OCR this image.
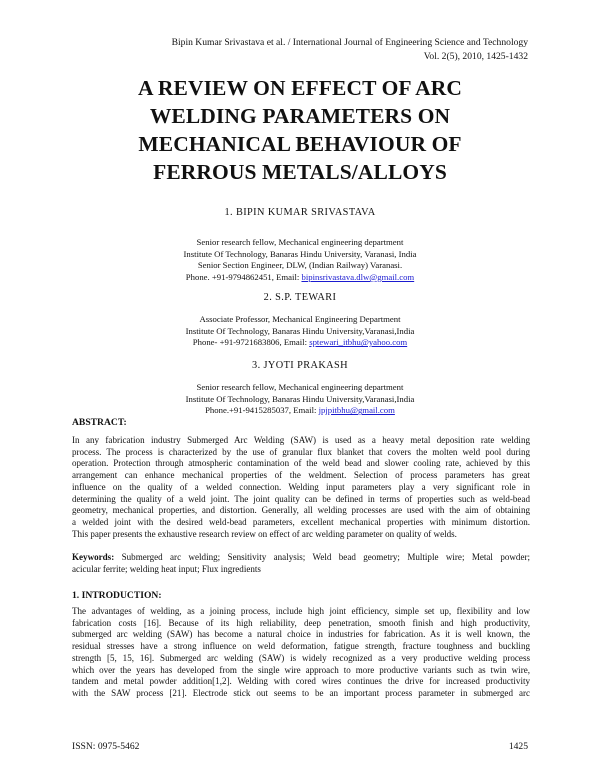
Bipin Kumar Srivastava et al. / International Journal of Engineering Science and Technology
Vol. 2(5), 2010, 1425-1432
A REVIEW ON EFFECT OF ARC
WELDING PARAMETERS ON
MECHANICAL BEHAVIOUR OF
FERROUS METALS/ALLOYS
1. BIPIN KUMAR SRIVASTAVA
Senior research fellow, Mechanical engineering department
Institute Of Technology, Banaras Hindu University, Varanasi, India
Senior Section Engineer, DLW, (Indian Railway) Varanasi.
Phone. +91-9794862451, Email: bipinsrivastava.dlw@gmail.com
2. S.P. TEWARI
Associate Professor, Mechanical Engineering Department
Institute Of Technology, Banaras Hindu University,Varanasi,India
Phone- +91-9721683806, Email: sptewari_itbhu@yahoo.com
3. JYOTI PRAKASH
Senior research fellow, Mechanical engineering department
Institute Of Technology, Banaras Hindu University,Varanasi,India
Phone.+91-9415285037, Email: jpjpitbhu@gmail.com
ABSTRACT:
In any fabrication industry Submerged Arc Welding (SAW) is used as a heavy metal deposition rate welding
process. The process is characterized by the use of granular flux blanket that covers the molten weld pool during
operation. Protection through atmospheric contamination of the weld bead and slower cooling rate, achieved by this
arrangement can enhance mechanical properties of the weldment. Selection of process parameters has great
influence on the quality of a welded connection. Welding input parameters play a very significant role in
determining the quality of a weld joint. The joint quality can be defined in terms of properties such as weld-bead
geometry, mechanical properties, and distortion. Generally, all welding processes are used with the aim of obtaining
a welded joint with the desired weld-bead parameters, excellent mechanical properties with minimum distortion.
This paper presents the exhaustive research review on effect of arc welding parameter on quality of welds.
Keywords: Submerged arc welding; Sensitivity analysis; Weld bead geometry; Multiple wire; Metal powder;
acicular ferrite; welding heat input; Flux ingredients
1. INTRODUCTION:
The advantages of welding, as a joining process, include high joint efficiency, simple set up, flexibility and low
fabrication costs [16]. Because of its high reliability, deep penetration, smooth finish and high productivity,
submerged arc welding (SAW) has become a natural choice in industries for fabrication. As it is well known, the
residual stresses have a strong influence on weld deformation, fatigue strength, fracture toughness and buckling
strength [5, 15, 16]. Submerged arc welding (SAW) is widely recognized as a very productive welding process
which over the years has developed from the single wire approach to more productive variants such as twin wire,
tandem and metal powder addition[1,2]. Welding with cored wires continues the drive for increased productivity
with the SAW process [21]. Electrode stick out seems to be an important process parameter in submerged arc
ISSN: 0975-5462	1425
